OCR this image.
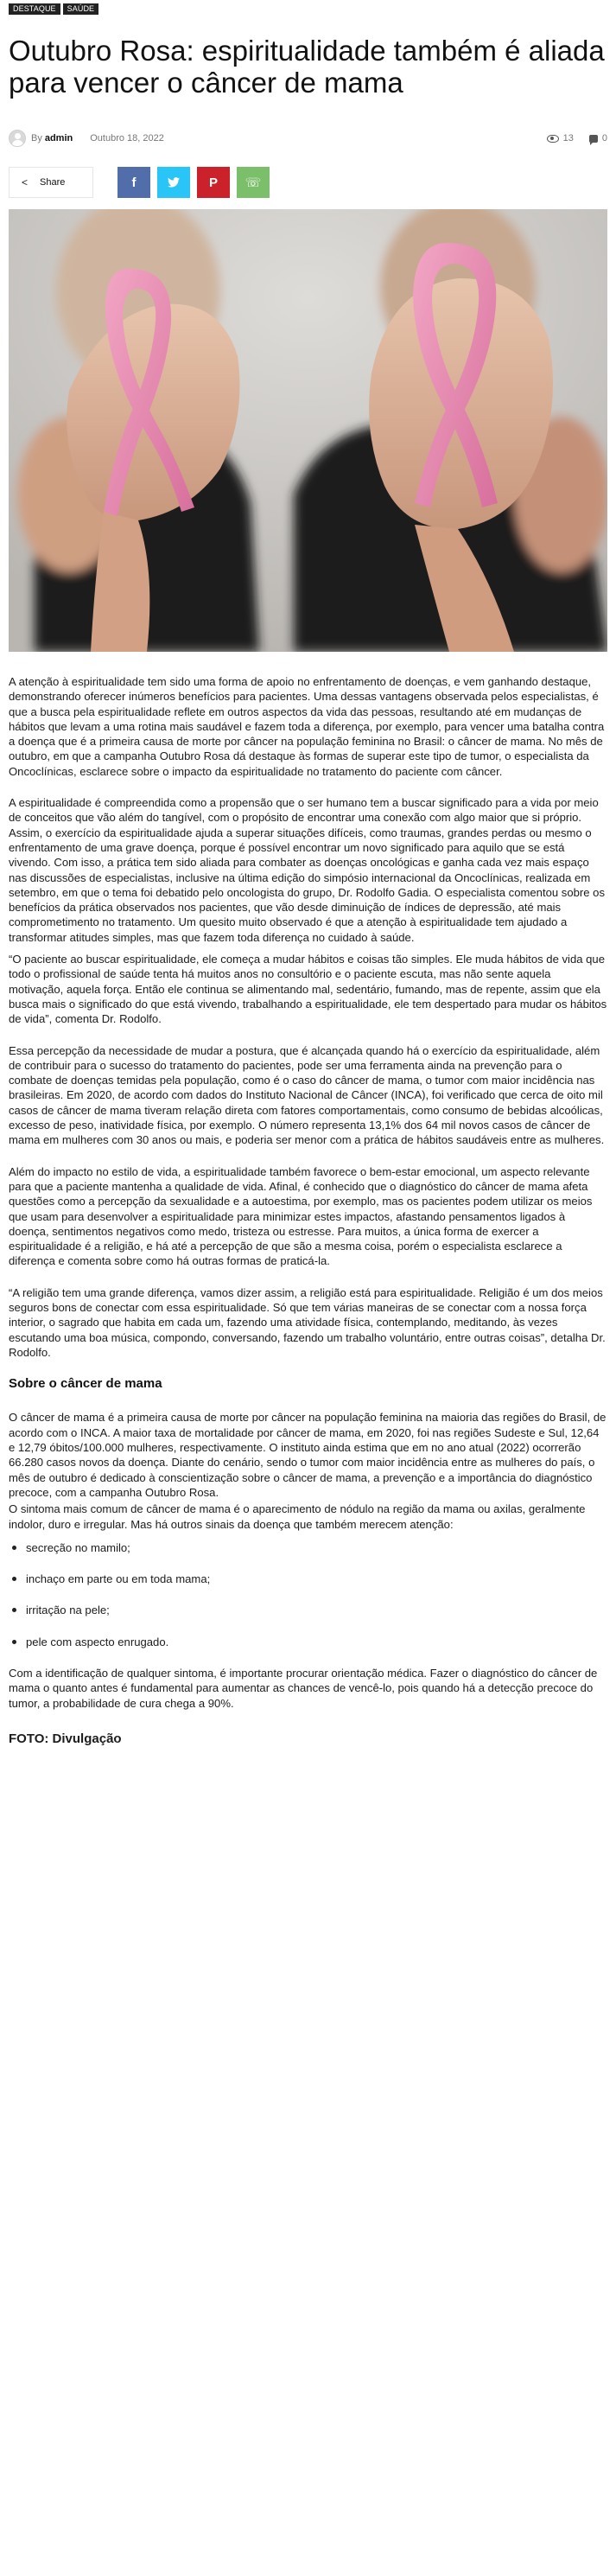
DESTAQUE	SAÚDE
Outubro Rosa: espiritualidade também é aliada para vencer o câncer de mama
By admin Outubro 18, 2022	13	0
< Share	f	P ☏

A atenção à espiritualidade tem sido uma forma de apoio no enfrentamento de doenças, e vem ganhando destaque, demonstrando oferecer inúmeros benefícios para pacientes. Uma dessas vantagens observada pelos especialistas, é que a busca pela espiritualidade reflete em outros aspectos da vida das pessoas, resultando até em mudanças de hábitos que levam a uma rotina mais saudável e fazem toda a diferença, por exemplo, para vencer uma batalha contra a doença que é a primeira causa de morte por câncer na população feminina no Brasil: o câncer de mama. No mês de outubro, em que a campanha Outubro Rosa dá destaque às formas de superar este tipo de tumor, o especialista da Oncoclínicas, esclarece sobre o impacto da espiritualidade no tratamento do paciente com câncer.

A espiritualidade é compreendida como a propensão que o ser humano tem a buscar significado para a vida por meio de conceitos que vão além do tangível, com o propósito de encontrar uma conexão com algo maior que si próprio. Assim, o exercício da espiritualidade ajuda a superar situações difíceis, como traumas, grandes perdas ou mesmo o enfrentamento de uma grave doença, porque é possível encontrar um novo significado para aquilo que se está vivendo. Com isso, a prática tem sido aliada para combater as doenças oncológicas e ganha cada vez mais espaço nas discussões de especialistas, inclusive na última edição do simpósio internacional da Oncoclínicas, realizada em setembro, em que o tema foi debatido pelo oncologista do grupo, Dr. Rodolfo Gadia. O especialista comentou sobre os benefícios da prática observados nos pacientes, que vão desde diminuição de índices de depressão, até mais comprometimento no tratamento. Um quesito muito observado é que a atenção à espiritualidade tem ajudado a transformar atitudes simples, mas que fazem toda diferença no cuidado à saúde.

“O paciente ao buscar espiritualidade, ele começa a mudar hábitos e coisas tão simples. Ele muda hábitos de vida que todo o profissional de saúde tenta há muitos anos no consultório e o paciente escuta, mas não sente aquela motivação, aquela força. Então ele continua se alimentando mal, sedentário, fumando, mas de repente, assim que ela busca mais o significado do que está vivendo, trabalhando a espiritualidade, ele tem despertado para mudar os hábitos de vida”, comenta Dr. Rodolfo.

Essa percepção da necessidade de mudar a postura, que é alcançada quando há o exercício da espiritualidade, além de contribuir para o sucesso do tratamento do pacientes, pode ser uma ferramenta ainda na prevenção para o combate de doenças temidas pela população, como é o caso do câncer de mama, o tumor com maior incidência nas brasileiras. Em 2020, de acordo com dados do Instituto Nacional de Câncer (INCA), foi verificado que cerca de oito mil casos de câncer de mama tiveram relação direta com fatores comportamentais, como consumo de bebidas alcoólicas, excesso de peso, inatividade física, por exemplo. O número representa 13,1% dos 64 mil novos casos de câncer de mama em mulheres com 30 anos ou mais, e poderia ser menor com a prática de hábitos saudáveis entre as mulheres.

Além do impacto no estilo de vida, a espiritualidade também favorece o bem-estar emocional, um aspecto relevante para que a paciente mantenha a qualidade de vida. Afinal, é conhecido que o diagnóstico do câncer de mama afeta questões como a percepção da sexualidade e a autoestima, por exemplo, mas os pacientes podem utilizar os meios que usam para desenvolver a espiritualidade para minimizar estes impactos, afastando pensamentos ligados à doença, sentimentos negativos como medo, tristeza ou estresse. Para muitos, a única forma de exercer a espiritualidade é a religião, e há até a percepção de que são a mesma coisa, porém o especialista esclarece a diferença e comenta sobre como há outras formas de praticá-la.

“A religião tem uma grande diferença, vamos dizer assim, a religião está para espiritualidade. Religião é um dos meios seguros bons de conectar com essa espiritualidade. Só que tem várias maneiras de se conectar com a nossa força interior, o sagrado que habita em cada um, fazendo uma atividade física, contemplando, meditando, às vezes escutando uma boa música, compondo, conversando, fazendo um trabalho voluntário, entre outras coisas”, detalha Dr. Rodolfo.

Sobre o câncer de mama

O câncer de mama é a primeira causa de morte por câncer na população feminina na maioria das regiões do Brasil, de acordo com o INCA. A maior taxa de mortalidade por câncer de mama, em 2020, foi nas regiões Sudeste e Sul, 12,64 e 12,79 óbitos/100.000 mulheres, respectivamente. O instituto ainda estima que em no ano atual (2022) ocorrerão 66.280 casos novos da doença. Diante do cenário, sendo o tumor com maior incidência entre as mulheres do país, o mês de outubro é dedicado à conscientização sobre o câncer de mama, a prevenção e a importância do diagnóstico precoce, com a campanha Outubro Rosa.

O sintoma mais comum de câncer de mama é o aparecimento de nódulo na região da mama ou axilas, geralmente indolor, duro e irregular. Mas há outros sinais da doença que também merecem atenção:

secreção no mamilo;
inchaço em parte ou em toda mama;
irritação na pele;
pele com aspecto enrugado.

Com a identificação de qualquer sintoma, é importante procurar orientação médica. Fazer o diagnóstico do câncer de mama o quanto antes é fundamental para aumentar as chances de vencê-lo, pois quando há a detecção precoce do tumor, a probabilidade de cura chega a 90%.

FOTO: Divulgação
